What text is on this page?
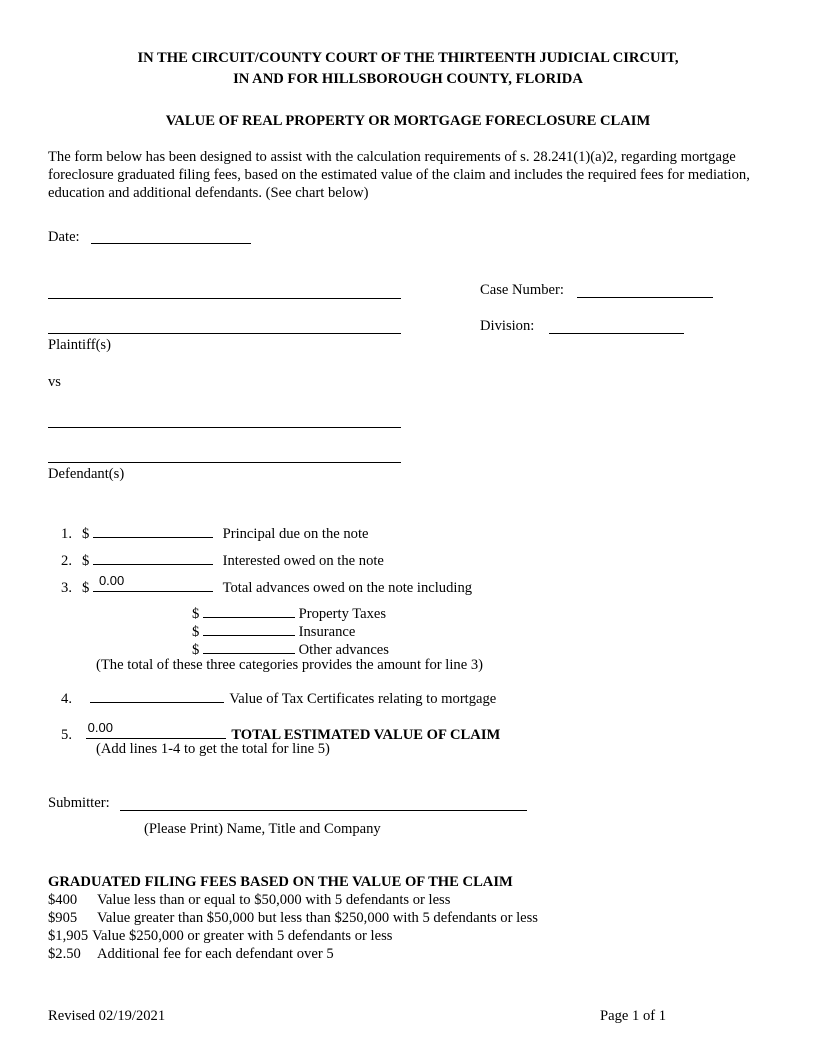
IN THE CIRCUIT/COUNTY COURT OF THE THIRTEENTH JUDICIAL CIRCUIT,
IN AND FOR HILLSBOROUGH COUNTY, FLORIDA
VALUE OF REAL PROPERTY OR MORTGAGE FORECLOSURE CLAIM
The form below has been designed to assist with the calculation requirements of s. 28.241(1)(a)2, regarding mortgage foreclosure graduated filing fees, based on the estimated value of the claim and includes the required fees for mediation, education and additional defendants. (See chart below)
Date:
Plaintiff(s)
Case Number:
Division:
vs
Defendant(s)
1. $	Principal due on the note
2. $	Interested owed on the note
3. $ 0.00	Total advances owed on the note including
$	Property Taxes
$	Insurance
$	Other advances
(The total of these three categories provides the amount for line 3)
4.	Value of Tax Certificates relating to mortgage
5. 0.00	TOTAL ESTIMATED VALUE OF CLAIM
(Add lines 1-4 to get the total for line 5)
Submitter:
(Please Print) Name, Title and Company
GRADUATED FILING FEES BASED ON THE VALUE OF THE CLAIM
$400 Value less than or equal to $50,000 with 5 defendants or less
$905 Value greater than $50,000 but less than $250,000 with 5 defendants or less
$1,905 Value $250,000 or greater with 5 defendants or less
$2.50 Additional fee for each defendant over 5
Revised 02/19/2021	Page 1 of 1
